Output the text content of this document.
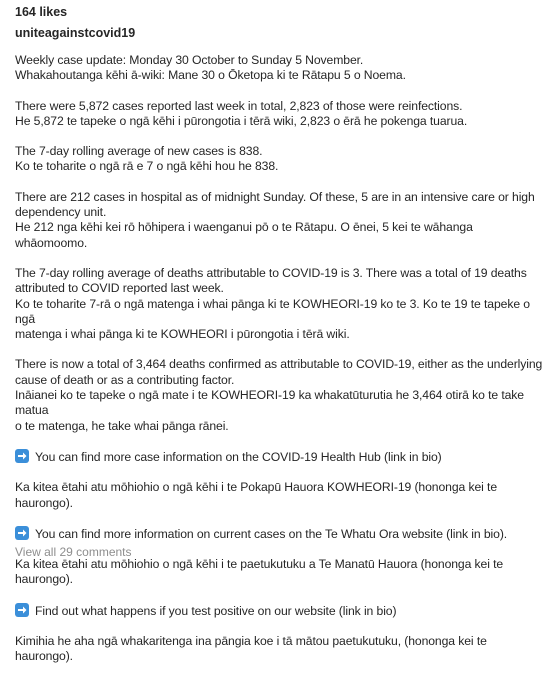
164 likes
uniteagainstcovid19

Weekly case update: Monday 30 October to Sunday 5 November.
Whakahoutanga kēhi ā-wiki: Mane 30 o Ōketopa ki te Rātapu 5 o Noema.

There were 5,872 cases reported last week in total, 2,823 of those were reinfections.
He 5,872 te tapeke o ngā kēhi i pūrongotia i tērā wiki, 2,823 o ērā he pokenga tuarua.

The 7-day rolling average of new cases is 838.
Ko te toharite o ngā rā e 7 o ngā kēhi hou he 838.

There are 212 cases in hospital as of midnight Sunday. Of these, 5 are in an intensive care or high
dependency unit.
He 212 nga kēhi kei rō hōhipera i waenganui pō o te Rātapu. O ēnei, 5 kei te wāhanga whāomoomo.

The 7-day rolling average of deaths attributable to COVID-19 is 3. There was a total of 19 deaths
attributed to COVID reported last week.
Ko te toharite 7-rā o ngā matenga i whai pānga ki te KOWHEORI-19 ko te 3. Ko te 19 te tapeke o ngā
matenga i whai pānga ki te KOWHEORI i pūrongotia i tērā wiki.

There is now a total of 3,464 deaths confirmed as attributable to COVID-19, either as the underlying
cause of death or as a contributing factor.
Ināianei ko te tapeke o ngā mate i te KOWHEORI-19 ka whakatūturutia he 3,464 otirā ko te take matua
o te matenga, he take whai pānga rānei.

You can find more case information on the COVID-19 Health Hub (link in bio)

Ka kitea ētahi atu mōhiohio o ngā kēhi i te Pokapū Hauora KOWHEORI-19 (hononga kei te haurongo).

You can find more information on current cases on the Te Whatu Ora website (link in bio).

Ka kitea ētahi atu mōhiohio o ngā kēhi i te paetukutuku a Te Manatū Hauora (hononga kei te haurongo).

Find out what happens if you test positive on our website (link in bio)

Kimihia he aha ngā whakaritenga ina pāngia koe i tā mātou paetukutuku, (hononga kei te haurongo).

View all 29 comments
